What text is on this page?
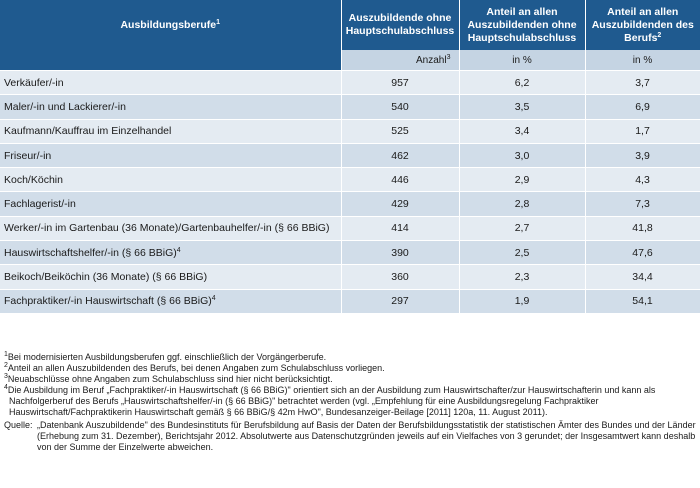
Ausbildungsberufe$^1$	Auszubildende ohne Hauptschulabschluss	Anteil an allen Auszubildenden ohne Hauptschulabschluss	Anteil an allen Auszubildenden des Berufs$^2$
	Anzahl$^3$	in %	in %
Verkäufer/-in	957	6,2	3,7
Maler/-in und Lackierer/-in	540	3,5	6,9
Kaufmann/Kauffrau im Einzelhandel	525	3,4	1,7
Friseur/-in	462	3,0	3,9
Koch/Köchin	446	2,9	4,3
Fachlagerist/-in	429	2,8	7,3
Werker/-in im Gartenbau (36 Monate)/Gartenbauhelfer/-in (§ 66 BBiG)	414	2,7	41,8
Hauswirtschaftshelfer/-in (§ 66 BBiG)$^4$	390	2,5	47,6
Beikoch/Beiköchin (36 Monate) (§ 66 BBiG)	360	2,3	34,4
Fachpraktiker/-in Hauswirtschaft (§ 66 BBiG)$^4$	297	1,9	54,1

$^1$Bei modernisierten Ausbildungsberufen ggf. einschließlich der Vorgängerberufe.

$^2$Anteil an allen Auszubildenden des Berufs, bei denen Angaben zum Schulabschluss vorliegen.

$^3$Neuabschlüsse ohne Angaben zum Schulabschluss sind hier nicht berücksichtigt.

$^4$Die Ausbildung im Beruf „Fachpraktiker/-in Hauswirtschaft (§ 66 BBiG)" orientiert sich an der Ausbildung zum Hauswirtschafter/zur Hauswirtschafterin und kann als Nachfolgerberuf des Berufs „Hauswirtschaftshelfer/-in (§ 66 BBiG)" betrachtet werden (vgl. „Empfehlung für eine Ausbildungsregelung Fachpraktiker Hauswirtschaft/Fachpraktikerin Hauswirtschaft gemäß § 66 BBiG/§ 42m HwO", Bundesanzeiger-Beilage [2011] 120a, 11. August 2011).

Quelle: „Datenbank Auszubildende" des Bundesinstituts für Berufsbildung auf Basis der Daten der Berufsbildungsstatistik der statistischen Ämter des Bundes und der Länder (Erhebung zum 31. Dezember), Berichtsjahr 2012. Absolutwerte aus Datenschutzgründen jeweils auf ein Vielfaches von 3 gerundet; der Insgesamtwert kann deshalb von der Summe der Einzelwerte abweichen.
